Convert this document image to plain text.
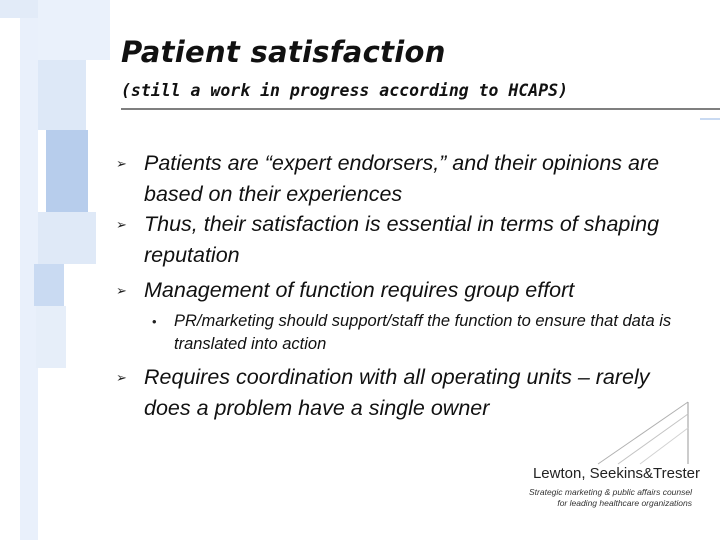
Patient satisfaction
(still a work in progress according to HCAPS)
➢ Patients are “expert endorsers,” and their opinions are based on their experiences
➢ Thus, their satisfaction is essential in terms of shaping reputation
➢ Management of function requires group effort
• PR/marketing should support/staff the function to ensure that data is translated into action
➢ Requires coordination with all operating units – rarely does a problem have a single owner
Lewton, Seekins&Trester
Strategic marketing & public affairs counsel
for leading healthcare organizations
